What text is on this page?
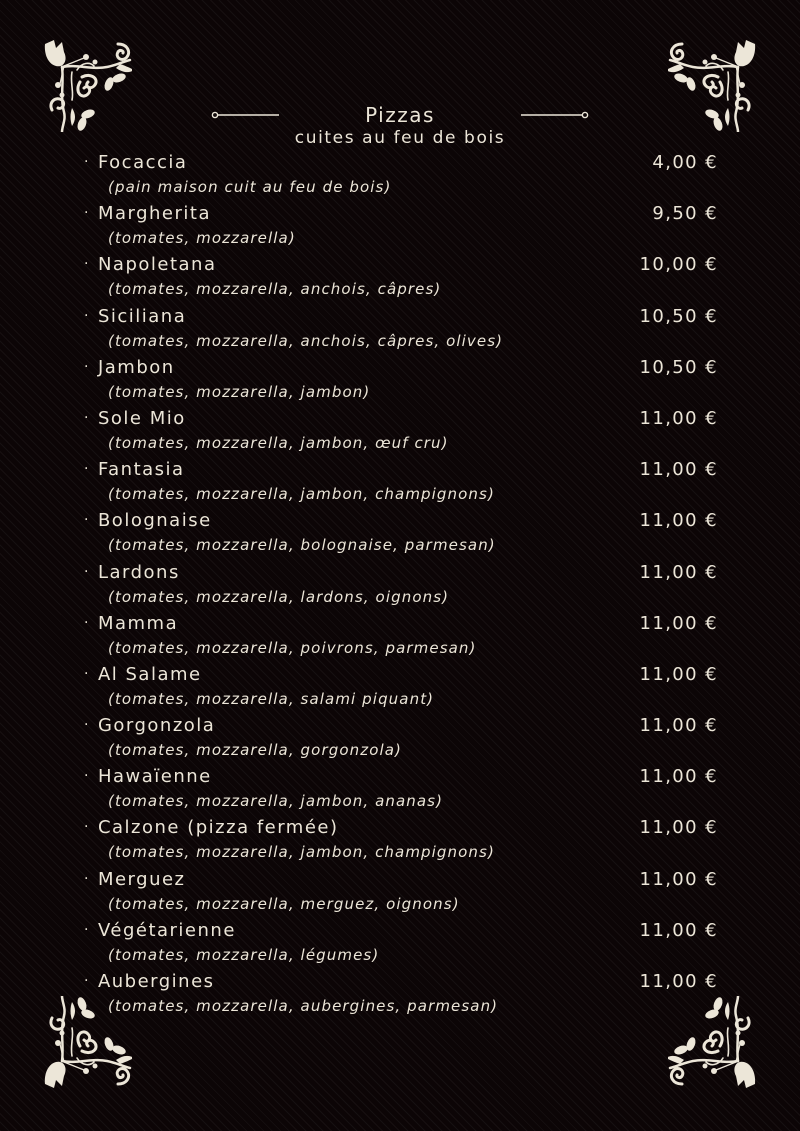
Pizzas
cuites au feu de bois
· Focaccia	4,00 €
(pain maison cuit au feu de bois)
· Margherita	9,50 €
(tomates, mozzarella)
· Napoletana	10,00 €
(tomates, mozzarella, anchois, câpres)
· Siciliana	10,50 €
(tomates, mozzarella, anchois, câpres, olives)
· Jambon	10,50 €
(tomates, mozzarella, jambon)
· Sole Mio	11,00 €
(tomates, mozzarella, jambon, œuf cru)
· Fantasia	11,00 €
(tomates, mozzarella, jambon, champignons)
· Bolognaise	11,00 €
(tomates, mozzarella, bolognaise, parmesan)
· Lardons	11,00 €
(tomates, mozzarella, lardons, oignons)
· Mamma	11,00 €
(tomates, mozzarella, poivrons, parmesan)
· Al Salame	11,00 €
(tomates, mozzarella, salami piquant)
· Gorgonzola	11,00 €
(tomates, mozzarella, gorgonzola)
· Hawaïenne	11,00 €
(tomates, mozzarella, jambon, ananas)
· Calzone (pizza fermée)	11,00 €
(tomates, mozzarella, jambon, champignons)
· Merguez	11,00 €
(tomates, mozzarella, merguez, oignons)
· Végétarienne	11,00 €
(tomates, mozzarella, légumes)
· Aubergines	11,00 €
(tomates, mozzarella, aubergines, parmesan)
